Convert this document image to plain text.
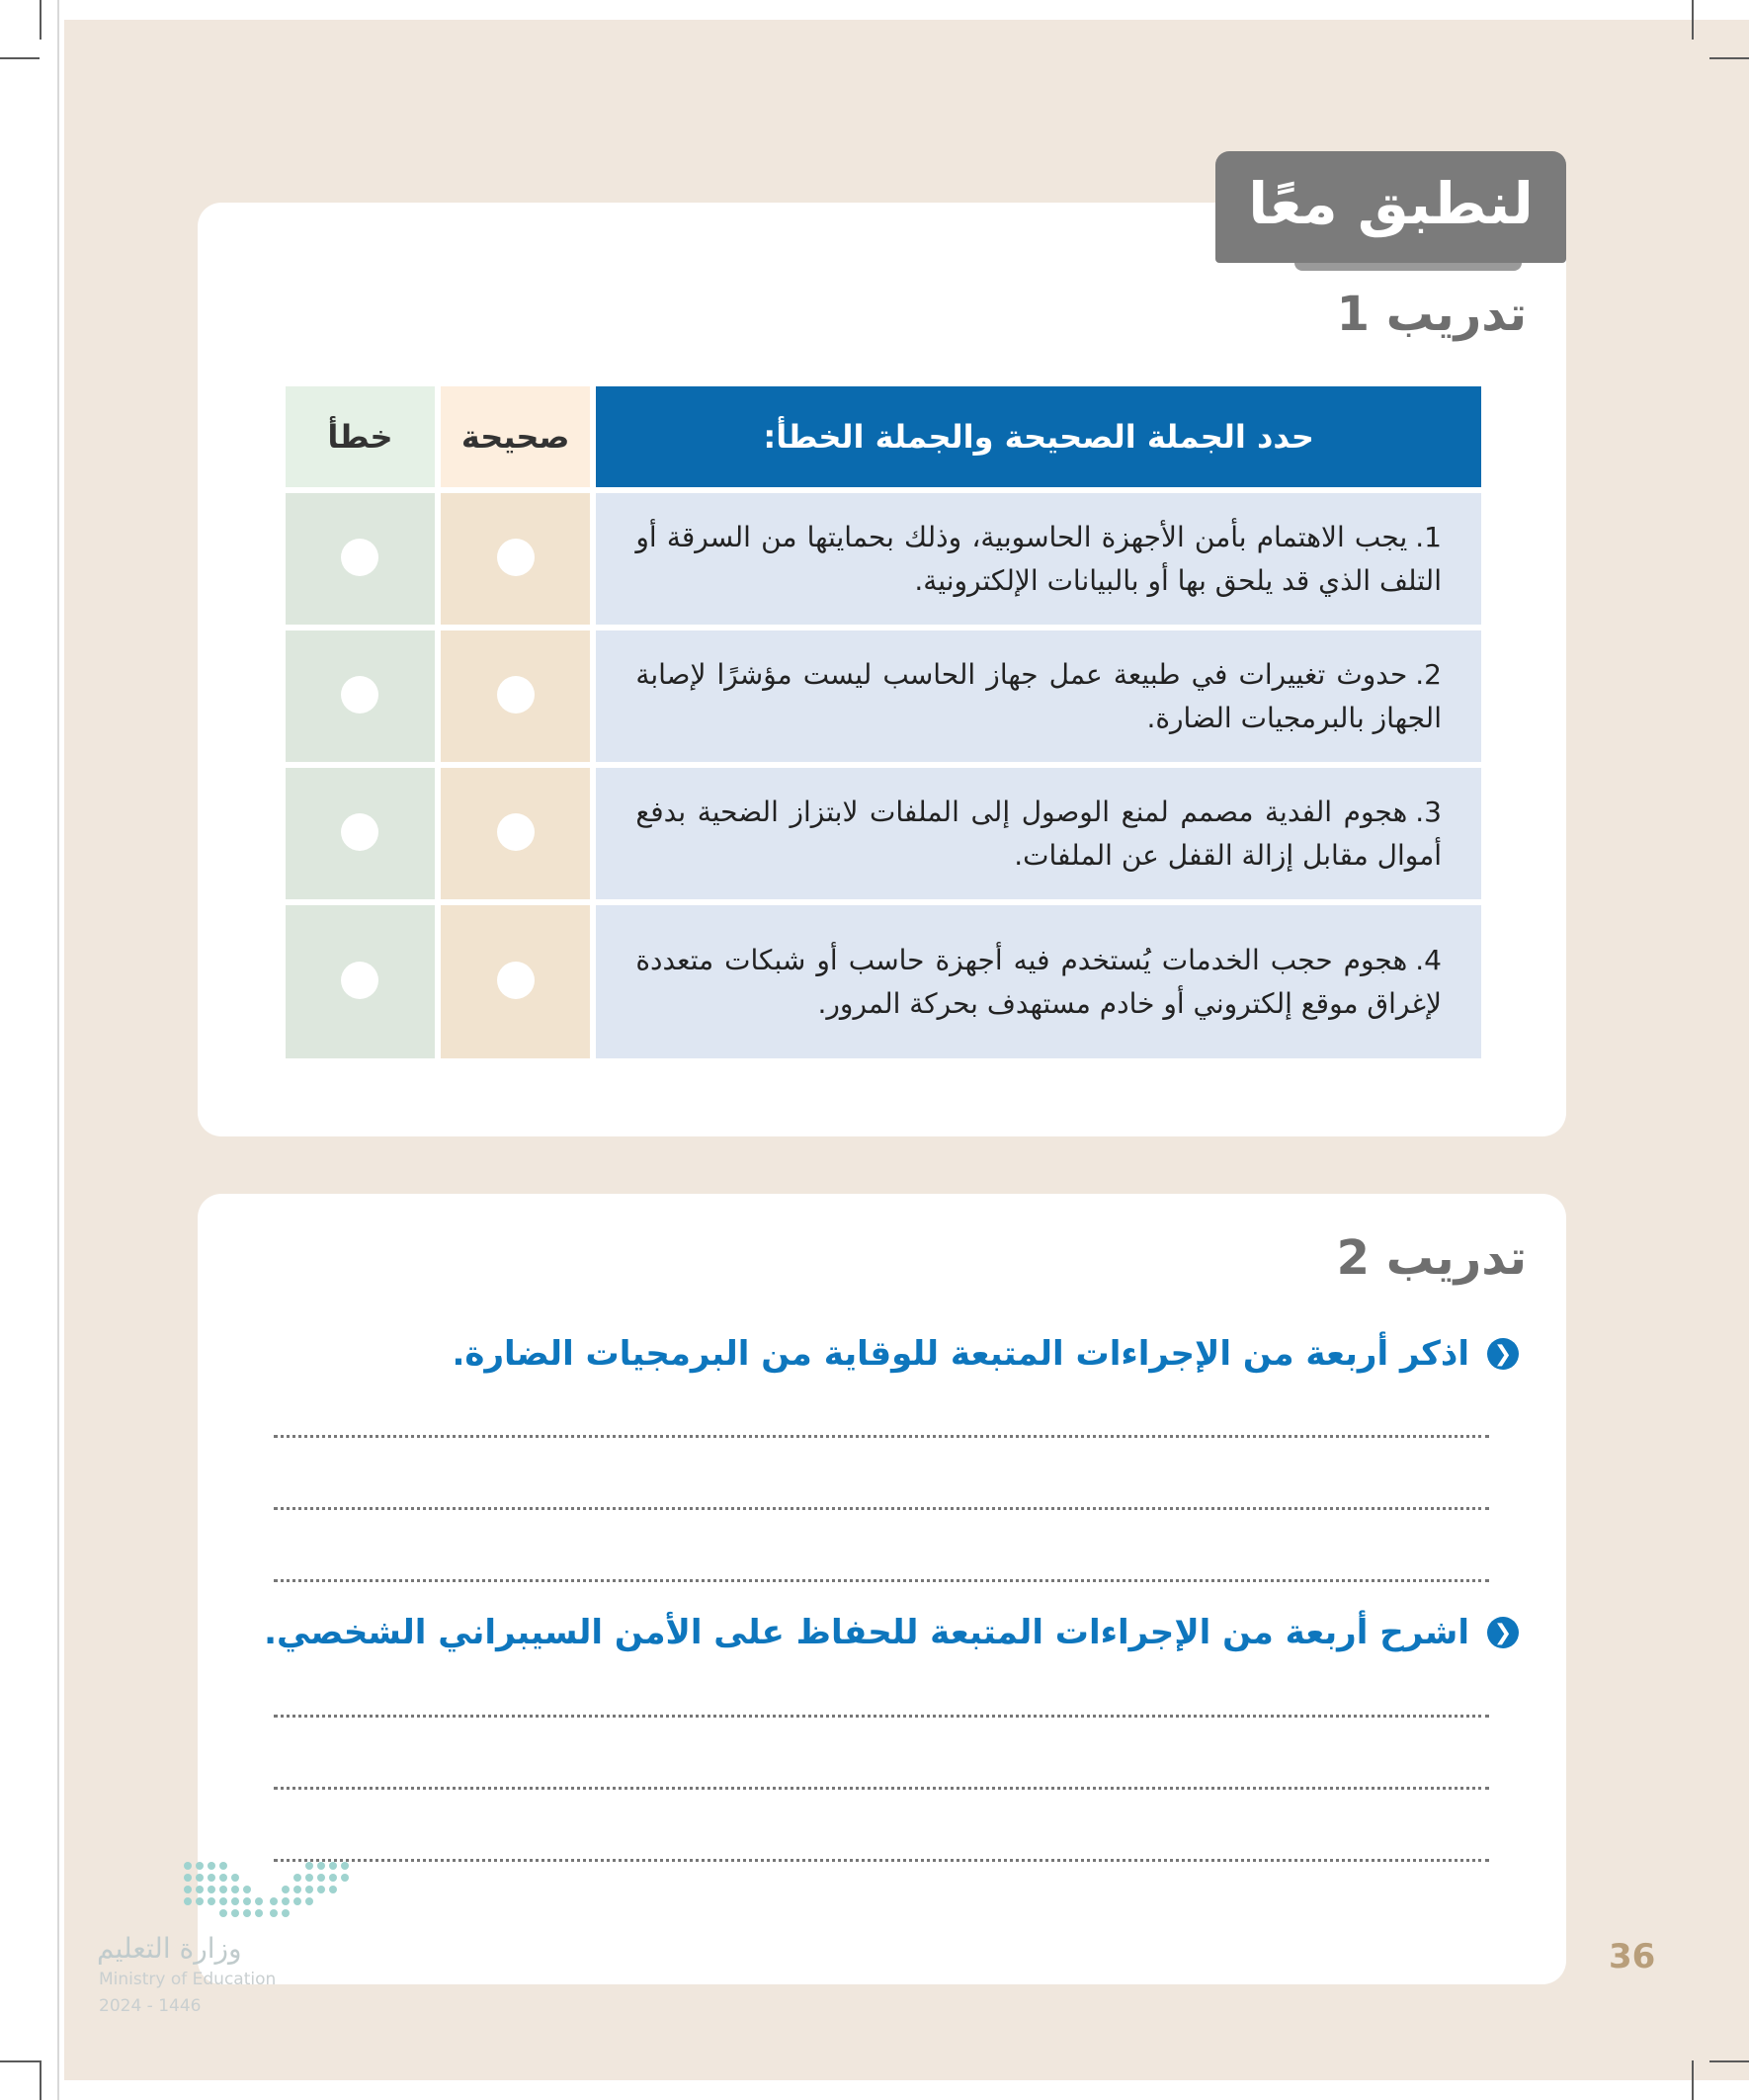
لنطبق معًا
تدريب 1
حدد الجملة الصحيحة والجملة الخطأ:	صحيحة	خطأ
1.يجب الاهتمام بأمن الأجهزة الحاسوبية، وذلك بحمايتها من السرقة أو التلف الذي قد يلحق بها أو بالبيانات الإلكترونية.		
2.حدوث تغييرات في طبيعة عمل جهاز الحاسب ليست مؤشرًا لإصابة الجهاز بالبرمجيات الضارة.		
3.هجوم الفدية مصمم لمنع الوصول إلى الملفات لابتزاز الضحية بدفع أموال مقابل إزالة القفل عن الملفات.		
4.هجوم حجب الخدمات يُستخدم فيه أجهزة حاسب أو شبكات متعددة لإغراق موقع إلكتروني أو خادم مستهدف بحركة المرور.		
تدريب 2
❮
اذكر أربعة من الإجراءات المتبعة للوقاية من البرمجيات الضارة.
❮
اشرح أربعة من الإجراءات المتبعة للحفاظ على الأمن السيبراني الشخصي.
وزارة التعليم
Ministry of Education
2024 - 1446
36
